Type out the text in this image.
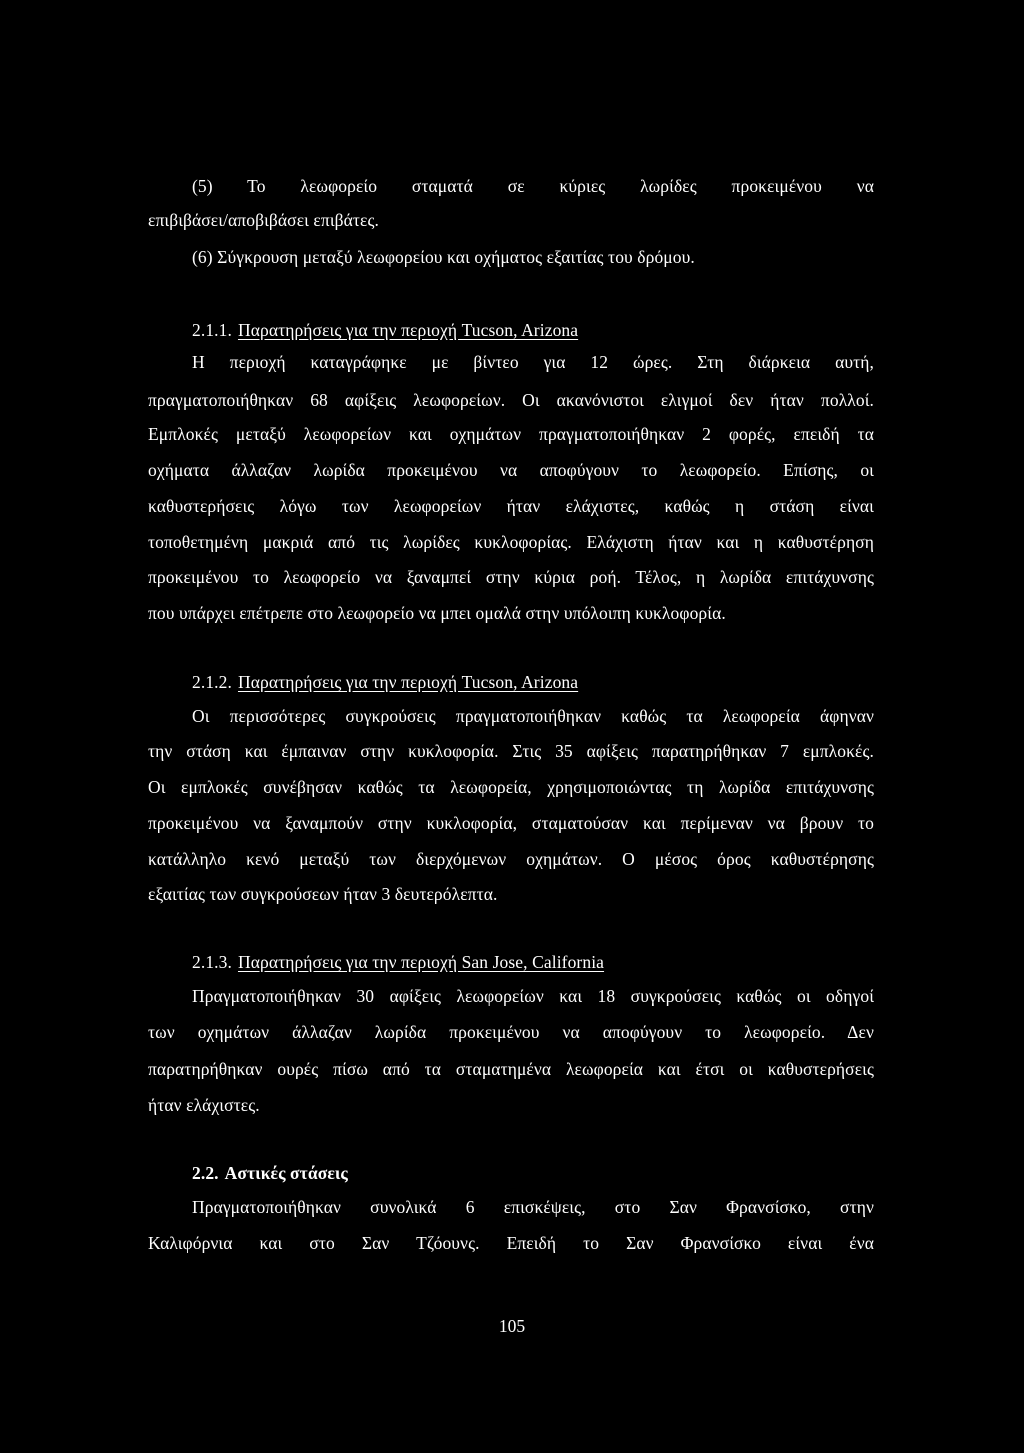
(5) Το λεωφορείο σταματά σε κύριες λωρίδες προκειμένου να
επιβιβάσει/αποβιβάσει επιβάτες.
(6) Σύγκρουση μεταξύ λεωφορείου και οχήματος εξαιτίας του δρόμου.
2.1.1. Παρατηρήσεις για την περιοχή Tucson, Arizona
Η περιοχή καταγράφηκε με βίντεο για 12 ώρες. Στη διάρκεια αυτή,
πραγματοποιήθηκαν 68 αφίξεις λεωφορείων. Οι ακανόνιστοι ελιγμοί δεν ήταν πολλοί.
Εμπλοκές μεταξύ λεωφορείων και οχημάτων πραγματοποιήθηκαν 2 φορές, επειδή τα
οχήματα άλλαζαν λωρίδα προκειμένου να αποφύγουν το λεωφορείο. Επίσης, οι
καθυστερήσεις λόγω των λεωφορείων ήταν ελάχιστες, καθώς η στάση είναι
τοποθετημένη μακριά από τις λωρίδες κυκλοφορίας. Ελάχιστη ήταν και η καθυστέρηση
προκειμένου το λεωφορείο να ξαναμπεί στην κύρια ροή. Τέλος, η λωρίδα επιτάχυνσης
που υπάρχει επέτρεπε στο λεωφορείο να μπει ομαλά στην υπόλοιπη κυκλοφορία.
2.1.2. Παρατηρήσεις για την περιοχή Tucson, Arizona
Οι περισσότερες συγκρούσεις πραγματοποιήθηκαν καθώς τα λεωφορεία άφηναν
την στάση και έμπαιναν στην κυκλοφορία. Στις 35 αφίξεις παρατηρήθηκαν 7 εμπλοκές.
Οι εμπλοκές συνέβησαν καθώς τα λεωφορεία, χρησιμοποιώντας τη λωρίδα επιτάχυνσης
προκειμένου να ξαναμπούν στην κυκλοφορία, σταματούσαν και περίμεναν να βρουν το
κατάλληλο κενό μεταξύ των διερχόμενων οχημάτων. Ο μέσος όρος καθυστέρησης
εξαιτίας των συγκρούσεων ήταν 3 δευτερόλεπτα.
2.1.3. Παρατηρήσεις για την περιοχή San Jose, California
Πραγματοποιήθηκαν 30 αφίξεις λεωφορείων και 18 συγκρούσεις καθώς οι οδηγοί
των οχημάτων άλλαζαν λωρίδα προκειμένου να αποφύγουν το λεωφορείο. Δεν
παρατηρήθηκαν ουρές πίσω από τα σταματημένα λεωφορεία και έτσι οι καθυστερήσεις
ήταν ελάχιστες.
2.2. Αστικές στάσεις
Πραγματοποιήθηκαν συνολικά 6 επισκέψεις, στο Σαν Φρανσίσκο, στην
Καλιφόρνια και στο Σαν Τζόουνς. Επειδή το Σαν Φρανσίσκο είναι ένα
105
